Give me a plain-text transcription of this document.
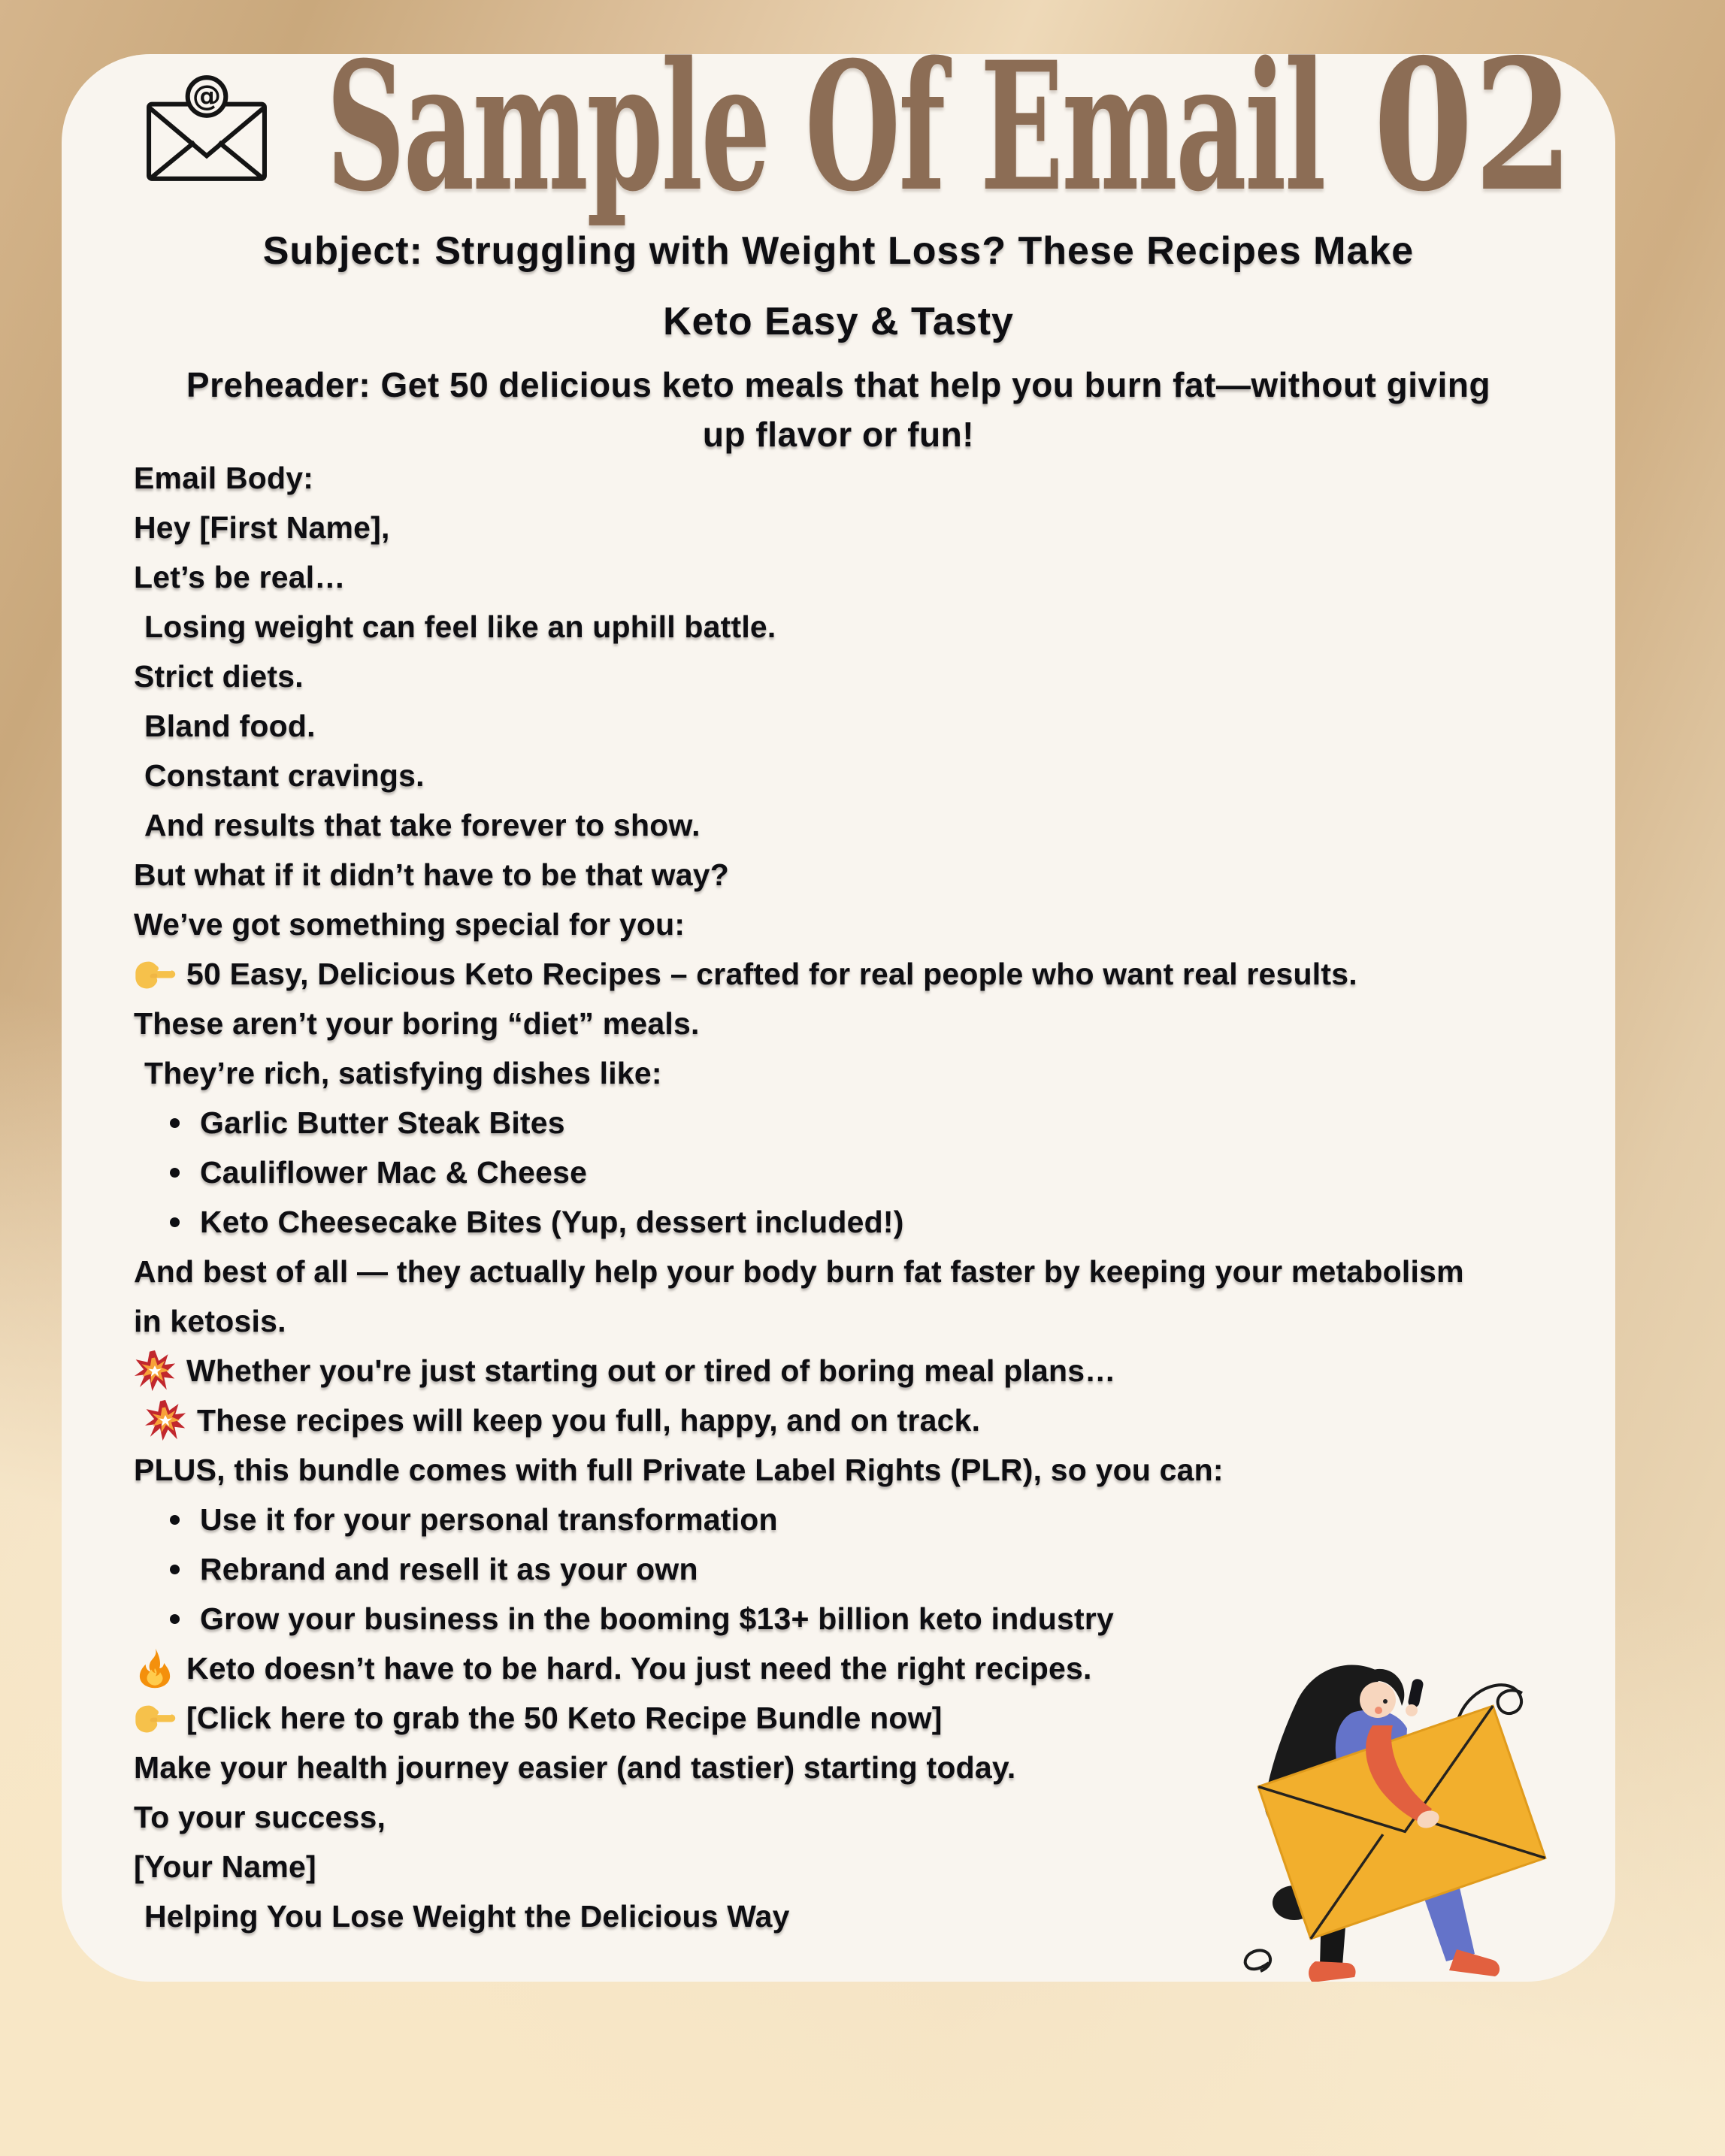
@ Sample Of Email 02
Subject: Struggling with Weight Loss? These Recipes Make
Keto Easy & Tasty
Preheader: Get 50 delicious keto meals that help you burn fat—without giving
up flavor or fun!
Email Body:
Hey [First Name],
Let’s be real…
Losing weight can feel like an uphill battle.
Strict diets.
Bland food.
Constant cravings.
And results that take forever to show.
But what if it didn’t have to be that way?
We’ve got something special for you:
50 Easy, Delicious Keto Recipes – crafted for real people who want real results.
These aren’t your boring “diet” meals.
They’re rich, satisfying dishes like:
Garlic Butter Steak Bites
Cauliflower Mac & Cheese
Keto Cheesecake Bites (Yup, dessert included!)
And best of all — they actually help your body burn fat faster by keeping your metabolism
in ketosis.
Whether you're just starting out or tired of boring meal plans…
These recipes will keep you full, happy, and on track.
PLUS, this bundle comes with full Private Label Rights (PLR), so you can:
Use it for your personal transformation
Rebrand and resell it as your own
Grow your business in the booming $13+ billion keto industry
Keto doesn’t have to be hard. You just need the right recipes.
[Click here to grab the 50 Keto Recipe Bundle now]
Make your health journey easier (and tastier) starting today.
To your success,
[Your Name]
Helping You Lose Weight the Delicious Way
